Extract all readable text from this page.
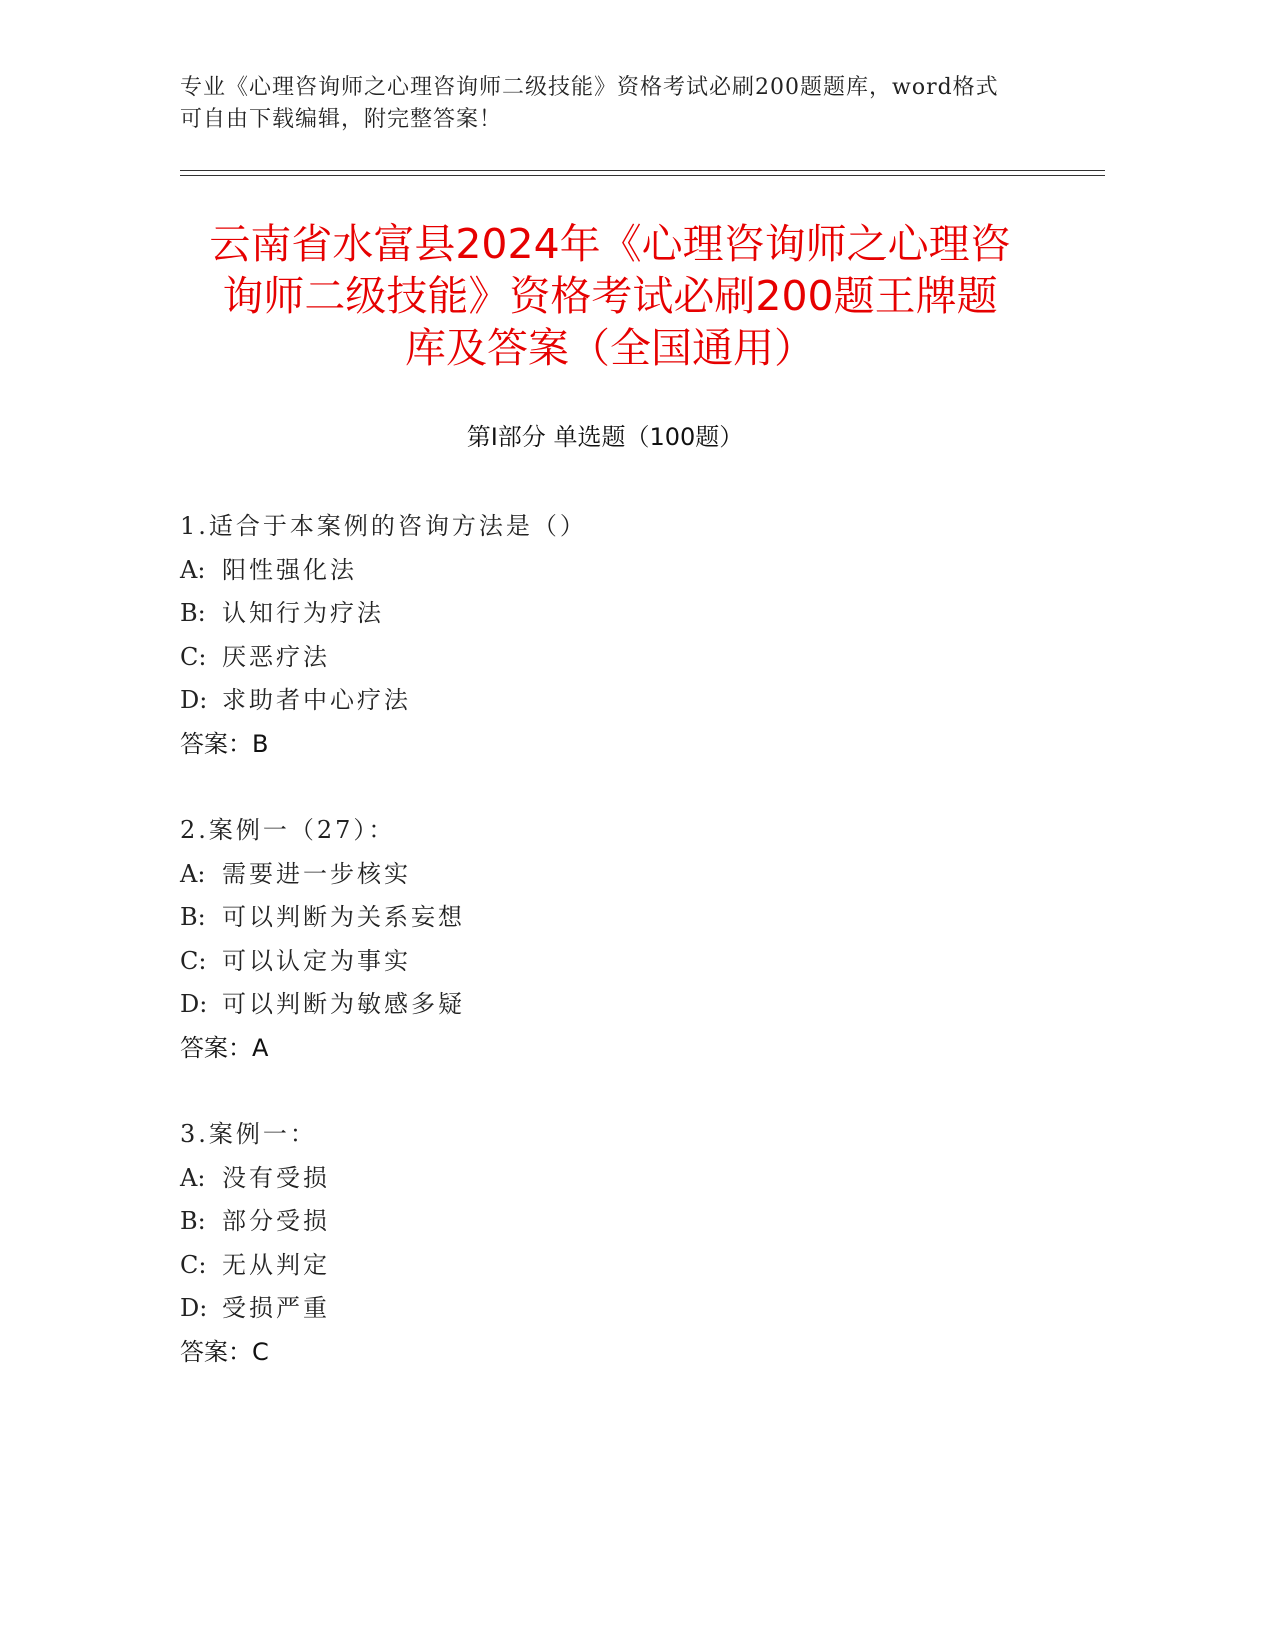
专业《心理咨询师之心理咨询师二级技能》资格考试必刷200题题库，word格式
可自由下载编辑，附完整答案！
云南省水富县2024年《心理咨询师之心理咨
询师二级技能》资格考试必刷200题王牌题
库及答案（全国通用）
第Ⅰ部分 单选题（100题）
1.适合于本案例的咨询方法是（）
A: 阳性强化法
B: 认知行为疗法
C: 厌恶疗法
D: 求助者中心疗法
答案：B
2.案例一（27）：
A: 需要进一步核实
B: 可以判断为关系妄想
C: 可以认定为事实
D: 可以判断为敏感多疑
答案：A
3.案例一：
A: 没有受损
B: 部分受损
C: 无从判定
D: 受损严重
答案：C
